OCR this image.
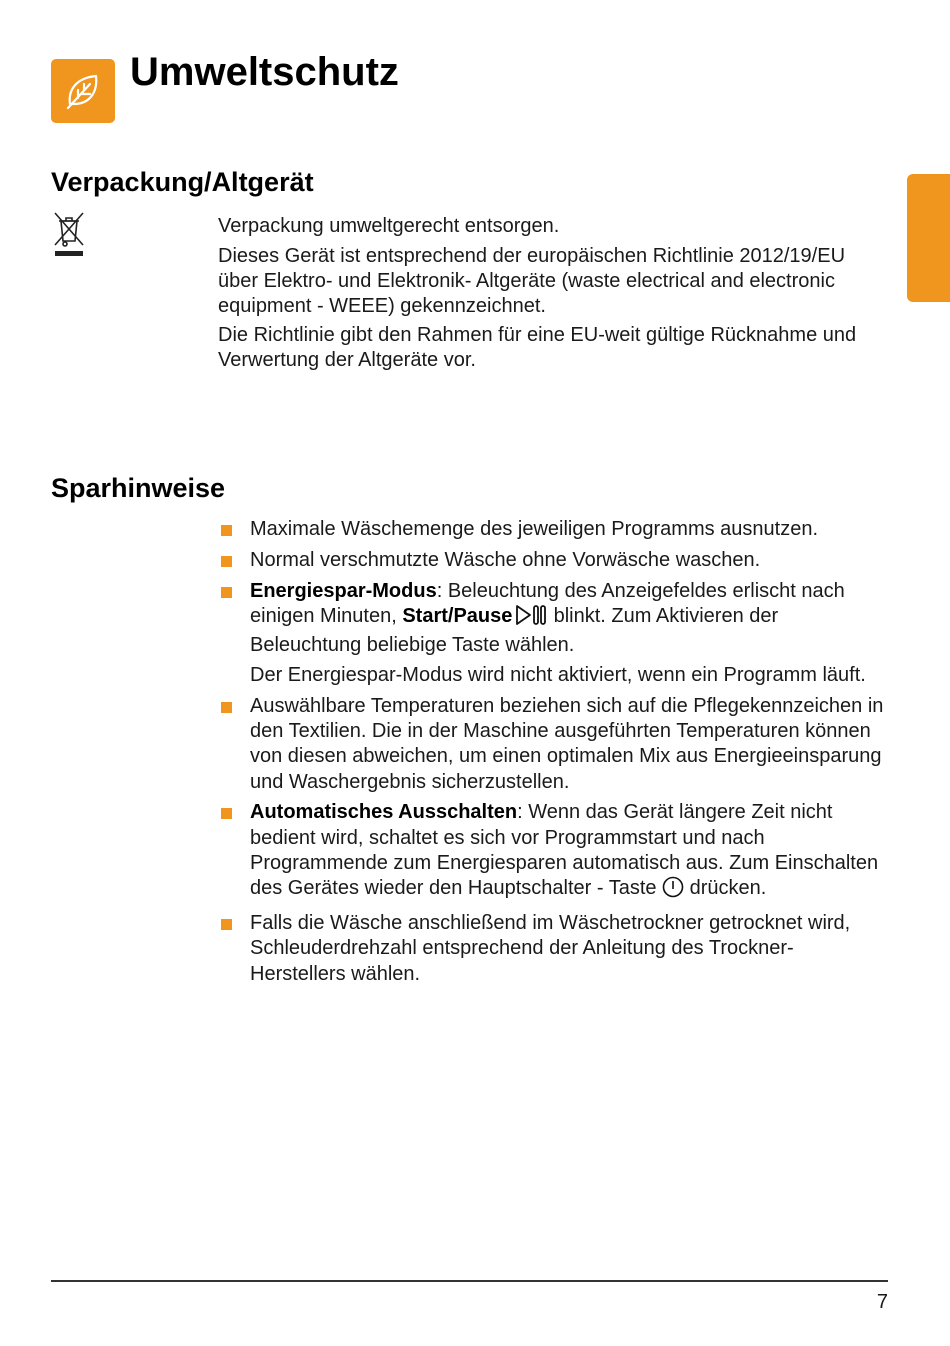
Umweltschutz
Verpackung/Altgerät

Verpackung umweltgerecht entsorgen.

Dieses Gerät ist entsprechend der europäischen Richtlinie 2012/19/EU über Elektro- und Elektronik- Altgeräte (waste electrical and electronic equipment - WEEE) gekennzeichnet.

Die Richtlinie gibt den Rahmen für eine EU-weit gültige Rücknahme und Verwertung der Altgeräte vor.

Sparhinweise

Maximale Wäschemenge des jeweiligen Programms ausnutzen.

Normal verschmutzte Wäsche ohne Vorwäsche waschen.

Energiespar-Modus: Beleuchtung des Anzeigefeldes erlischt nach einigen Minuten, Start/Pause  blinkt. Zum Aktivieren der Beleuchtung beliebige Taste wählen.

Der Energiespar-Modus wird nicht aktiviert, wenn ein Programm läuft.

Auswählbare Temperaturen beziehen sich auf die Pflegekennzeichen in den Textilien. Die in der Maschine ausgeführten Temperaturen können von diesen abweichen, um einen optimalen Mix aus Energieeinsparung und Waschergebnis sicherzustellen.

Automatisches Ausschalten: Wenn das Gerät längere Zeit nicht bedient wird, schaltet es sich vor Programmstart und nach Programmende zum Energiesparen automatisch aus. Zum Einschalten des Gerätes wieder den Hauptschalter - Taste  drücken.

Falls die Wäsche anschließend im Wäschetrockner getrocknet wird, Schleuderdrehzahl entsprechend der Anleitung des Trockner-Herstellers wählen.

7
